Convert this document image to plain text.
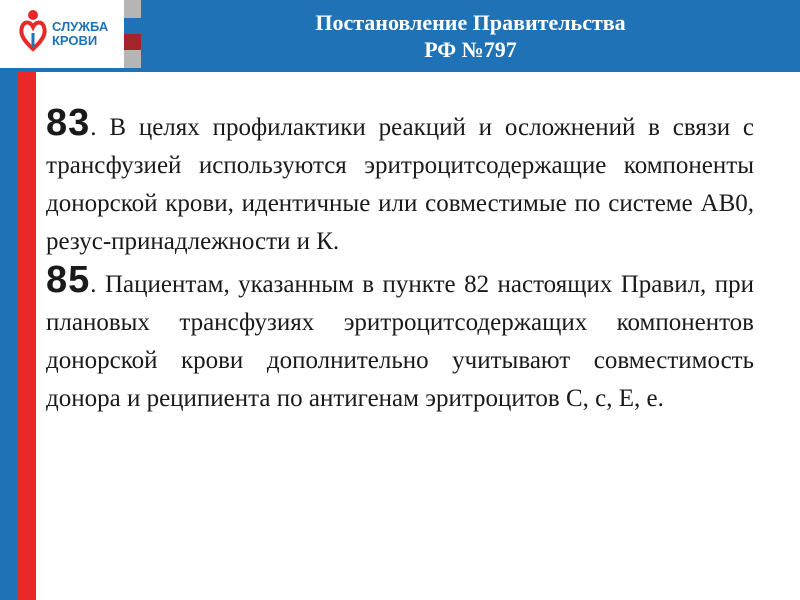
СЛУЖБА
КРОВИ
Постановление Правительства
РФ №797

83. В целях профилактики реакций и осложнений в связи с трансфузией используются эритроцитсодержащие компоненты донорской крови, идентичные или совместимые по системе АВ0, резус-принадлежности и К.

85. Пациентам, указанным в пункте 82 настоящих Правил, при плановых трансфузиях эритроцитсодержащих компонентов донорской крови дополнительно учитывают совместимость донора и реципиента по антигенам эритроцитов С, с, Е, е.
